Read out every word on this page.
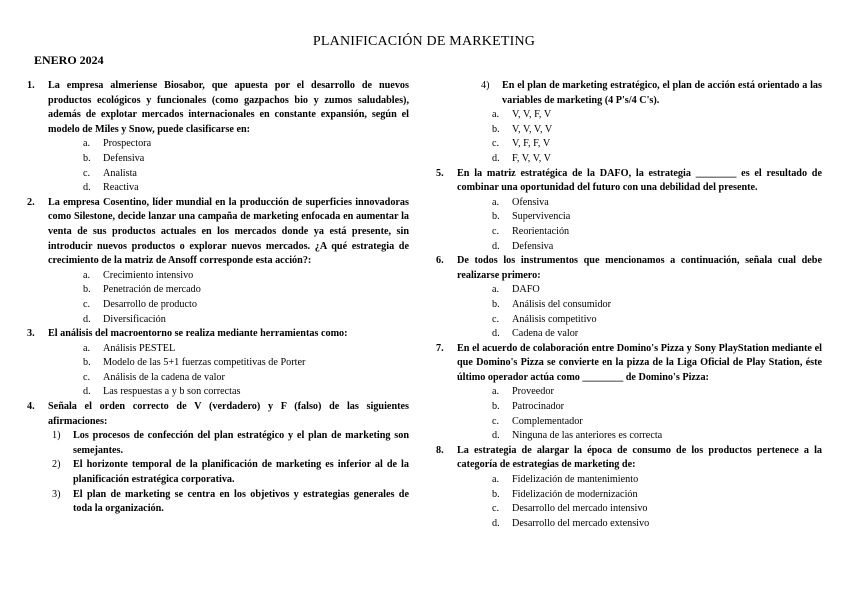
PLANIFICACIÓN DE MARKETING
ENERO 2024
1. La empresa almeriense Biosabor, que apuesta por el desarrollo de nuevos productos ecológicos y funcionales (como gazpachos bio y zumos saludables), además de explotar mercados internacionales en constante expansión, según el modelo de Miles y Snow, puede clasificarse en:
a. Prospectora
b. Defensiva
c. Analista
d. Reactiva
2. La empresa Cosentino, líder mundial en la producción de superficies innovadoras como Silestone, decide lanzar una campaña de marketing enfocada en aumentar la venta de sus productos actuales en los mercados donde ya está presente, sin introducir nuevos productos o explorar nuevos mercados. ¿A qué estrategia de crecimiento de la matriz de Ansoff corresponde esta acción?:
a. Crecimiento intensivo
b. Penetración de mercado
c. Desarrollo de producto
d. Diversificación
3. El análisis del macroentorno se realiza mediante herramientas como:
a. Análisis PESTEL
b. Modelo de las 5+1 fuerzas competitivas de Porter
c. Análisis de la cadena de valor
d. Las respuestas a y b son correctas
4. Señala el orden correcto de V (verdadero) y F (falso) de las siguientes afirmaciones:
1) Los procesos de confección del plan estratégico y el plan de marketing son semejantes.
2) El horizonte temporal de la planificación de marketing es inferior al de la planificación estratégica corporativa.
3) El plan de marketing se centra en los objetivos y estrategias generales de toda la organización.
4) En el plan de marketing estratégico, el plan de acción está orientado a las variables de marketing (4 P's/4 C's).
a. V, V, F, V
b. V, V, V, V
c. V, F, F, V
d. F, V, V, V
5. En la matriz estratégica de la DAFO, la estrategia ________ es el resultado de combinar una oportunidad del futuro con una debilidad del presente.
a. Ofensiva
b. Supervivencia
c. Reorientación
d. Defensiva
6. De todos los instrumentos que mencionamos a continuación, señala cual debe realizarse primero:
a. DAFO
b. Análisis del consumidor
c. Análisis competitivo
d. Cadena de valor
7. En el acuerdo de colaboración entre Domino's Pizza y Sony PlayStation mediante el que Domino's Pizza se convierte en la pizza de la Liga Oficial de Play Station, éste último operador actúa como ________ de Domino's Pizza:
a. Proveedor
b. Patrocinador
c. Complementador
d. Ninguna de las anteriores es correcta
8. La estrategia de alargar la época de consumo de los productos pertenece a la categoría de estrategias de marketing de:
a. Fidelización de mantenimiento
b. Fidelización de modernización
c. Desarrollo del mercado intensivo
d. Desarrollo del mercado extensivo
